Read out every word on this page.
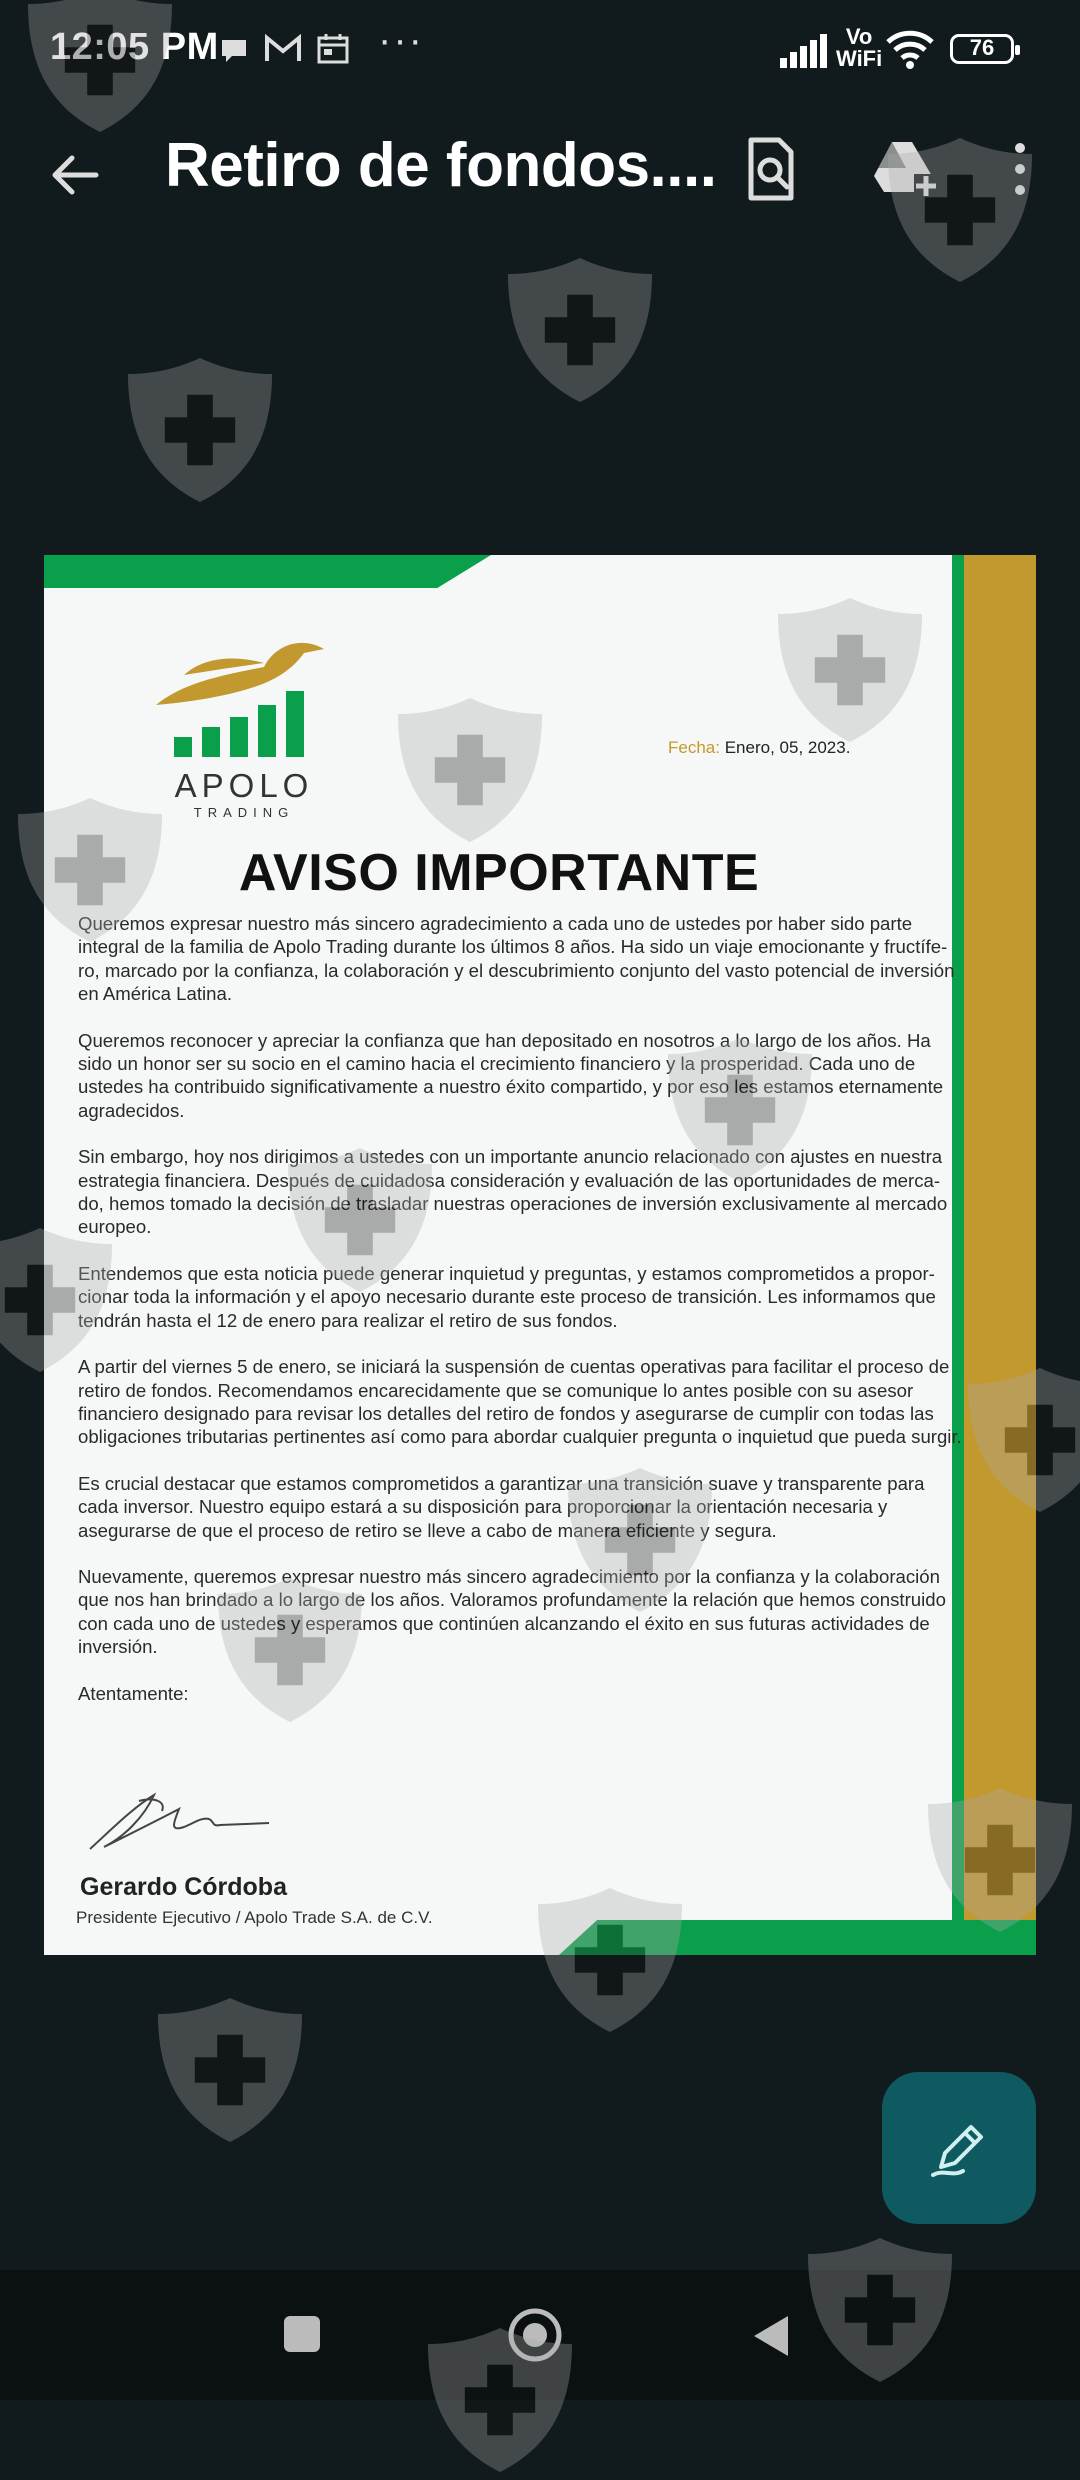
12:05 PM	···	Vo
WiFi	76
Retiro de fondos....
APOLO
TRADING
Fecha: Enero, 05, 2023.
AVISO IMPORTANTE

Queremos expresar nuestro más sincero agradecimiento a cada uno de ustedes por haber sido parte integral de la familia de Apolo Trading durante los últimos 8 años. Ha sido un viaje emocionante y fructífe-ro, marcado por la confianza, la colaboración y el descubrimiento conjunto del vasto potencial de inversión en América Latina.

Queremos reconocer y apreciar la confianza que han depositado en nosotros a lo largo de los años. Ha sido un honor ser su socio en el camino hacia el crecimiento financiero y la prosperidad. Cada uno de ustedes ha contribuido significativamente a nuestro éxito compartido, y por eso les estamos eternamente agradecidos.

Sin embargo, hoy nos dirigimos a ustedes con un importante anuncio relacionado con ajustes en nuestra estrategia financiera. Después de cuidadosa consideración y evaluación de las oportunidades de merca-do, hemos tomado la decisión de trasladar nuestras operaciones de inversión exclusivamente al mercado europeo.

Entendemos que esta noticia puede generar inquietud y preguntas, y estamos comprometidos a propor-cionar toda la información y el apoyo necesario durante este proceso de transición. Les informamos que tendrán hasta el 12 de enero para realizar el retiro de sus fondos.

A partir del viernes 5 de enero, se iniciará la suspensión de cuentas operativas para facilitar el proceso de retiro de fondos. Recomendamos encarecidamente que se comunique lo antes posible con su asesor financiero designado para revisar los detalles del retiro de fondos y asegurarse de cumplir con todas las obligaciones tributarias pertinentes así como para abordar cualquier pregunta o inquietud que pueda surgir.

Es crucial destacar que estamos comprometidos a garantizar una transición suave y transparente para cada inversor. Nuestro equipo estará a su disposición para proporcionar la orientación necesaria y asegurarse de que el proceso de retiro se lleve a cabo de manera eficiente y segura.

Nuevamente, queremos expresar nuestro más sincero agradecimiento por la confianza y la colaboración que nos han brindado a lo largo de los años. Valoramos profundamente la relación que hemos construido con cada uno de ustedes y esperamos que continúen alcanzando el éxito en sus futuras actividades de inversión.

Atentamente:

Gerardo Córdoba
Presidente Ejecutivo / Apolo Trade S.A. de C.V.
